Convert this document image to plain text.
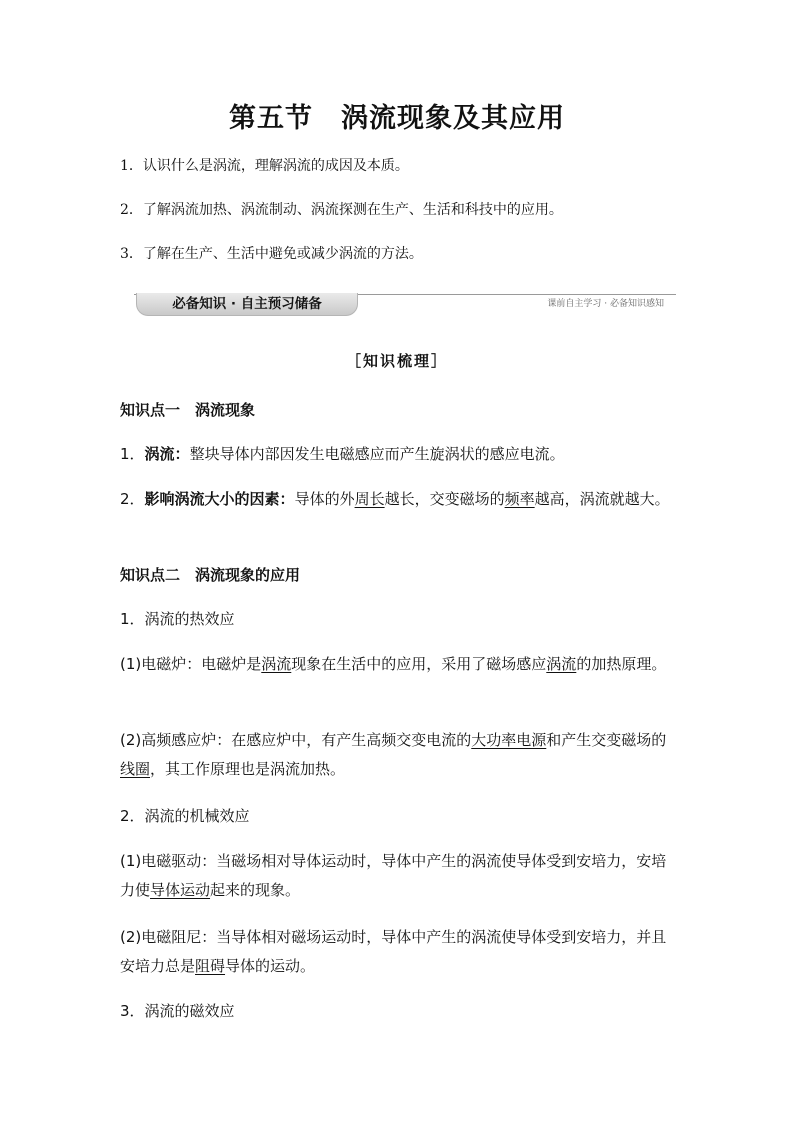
第五节　涡流现象及其应用
1．认识什么是涡流，理解涡流的成因及本质。
2．了解涡流加热、涡流制动、涡流探测在生产、生活和科技中的应用。
3．了解在生产、生活中避免或减少涡流的方法。
必备知识 · 自主预习储备	课前自主学习 · 必备知识感知
［知识梳理］
知识点一　涡流现象
1．涡流：整块导体内部因发生电磁感应而产生旋涡状的感应电流。
2．影响涡流大小的因素：导体的外周长越长，交变磁场的频率越高，涡流就越大。
知识点二　涡流现象的应用
1．涡流的热效应
(1)电磁炉：电磁炉是涡流现象在生活中的应用，采用了磁场感应涡流的加热原理。
(2)高频感应炉：在感应炉中，有产生高频交变电流的大功率电源和产生交变磁场的线圈，其工作原理也是涡流加热。
2．涡流的机械效应
(1)电磁驱动：当磁场相对导体运动时，导体中产生的涡流使导体受到安培力，安培力使导体运动起来的现象。
(2)电磁阻尼：当导体相对磁场运动时，导体中产生的涡流使导体受到安培力，并且安培力总是阻碍导体的运动。
3．涡流的磁效应
